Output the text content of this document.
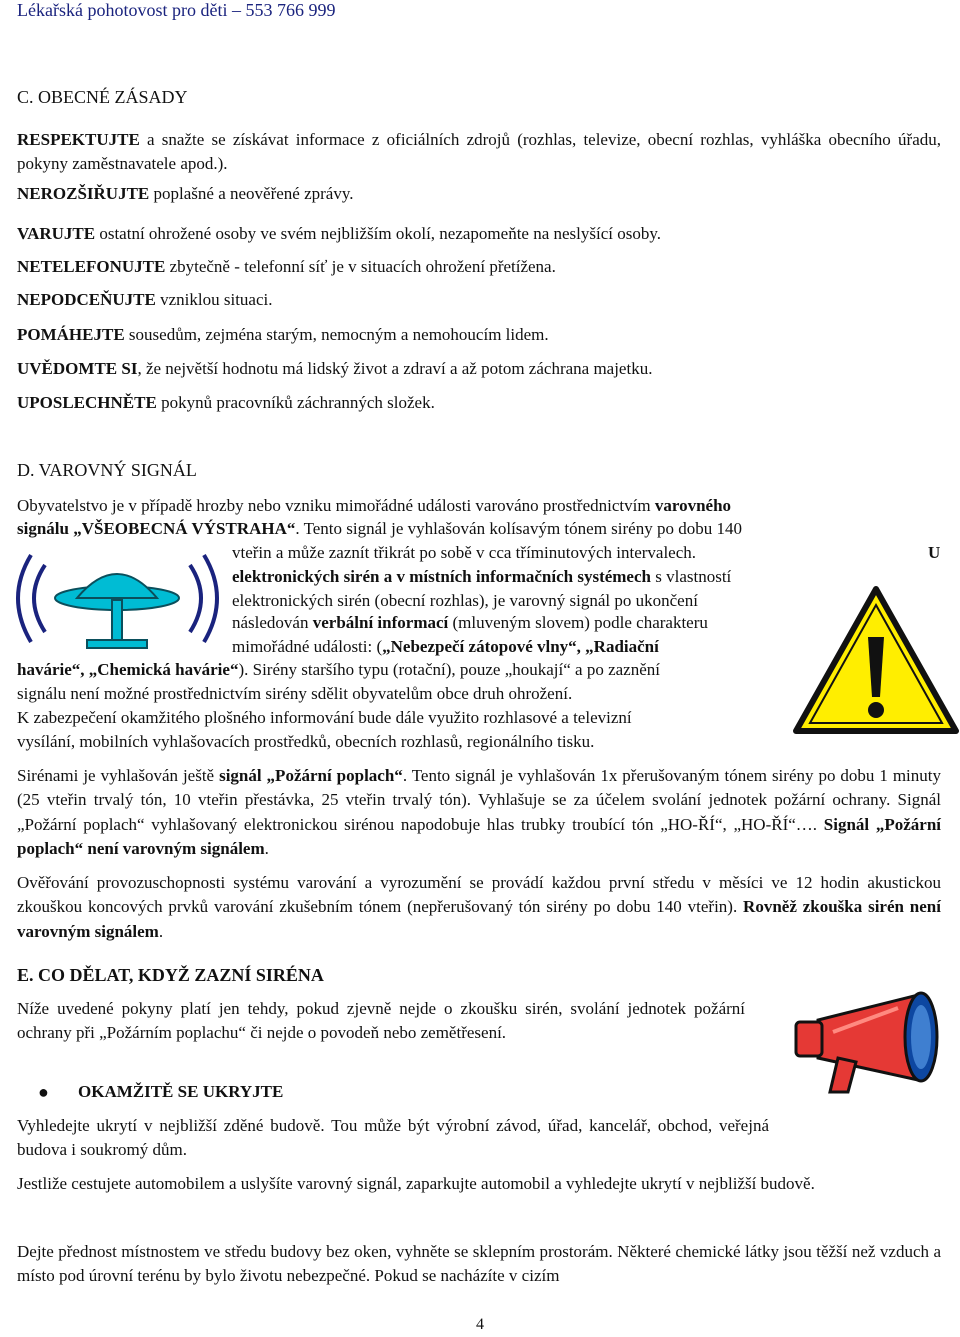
Lékařská pohotovost pro děti – 553 766 999
C. OBECNÉ ZÁSADY
RESPEKTUJTE a snažte se získávat informace z oficiálních zdrojů (rozhlas, televize, obecní rozhlas, vyhláška obecního úřadu, pokyny zaměstnavatele apod.).
NEROZŠIŘUJTE poplašné a neověřené zprávy.
VARUJTE ostatní ohrožené osoby ve svém nejbližším okolí, nezapomeňte na neslyšící osoby.
NETELEFONUJTE zbytečně - telefonní síť je v situacích ohrožení přetížena.
NEPODCEŇUJTE vzniklou situaci.
POMÁHEJTE sousedům, zejména starým, nemocným a nemohoucím lidem.
UVĚDOMTE SI, že největší hodnotu má lidský život a zdraví a až potom záchrana majetku.
UPOSLECHNĚTE pokynů pracovníků záchranných složek.
D. VAROVNÝ SIGNÁL
Obyvatelstvo je v případě hrozby nebo vzniku mimořádné události varováno prostřednictvím varovného
signálu „VŠEOBECNÁ VÝSTRAHA“. Tento signál je vyhlašován kolísavým tónem sirény po dobu 140
vteřin a může zaznít třikrát po sobě v cca tříminutových intervalech.	U
elektronických sirén a v místních informačních systémech s vlastností
elektronických sirén (obecní rozhlas), je varovný signál po ukončení
následován verbální informací (mluveným slovem) podle charakteru
mimořádné události: („Nebezpečí zátopové vlny“, „Radiační
havárie“, „Chemická havárie“). Sirény staršího typu (rotační), pouze „houkají“ a po zaznění
signálu není možné prostřednictvím sirény sdělit obyvatelům obce druh ohrožení.
K zabezpečení okamžitého plošného informování bude dále využito rozhlasové a televizní
vysílání, mobilních vyhlašovacích prostředků, obecních rozhlasů, regionálního tisku.
Sirénami je vyhlašován ještě signál „Požární poplach“. Tento signál je vyhlašován 1x přerušovaným tónem sirény po dobu 1 minuty (25 vteřin trvalý tón, 10 vteřin přestávka, 25 vteřin trvalý tón). Vyhlašuje se za účelem svolání jednotek požární ochrany. Signál „Požární poplach“ vyhlašovaný elektronickou sirénou napodobuje hlas trubky troubící tón „HO-ŘÍ“, „HO-ŘÍ“…. Signál „Požární poplach“ není varovným signálem.
Ověřování provozuschopnosti systému varování a vyrozumění se provádí každou první středu v měsíci ve 12 hodin akustickou zkouškou koncových prvků varování zkušebním tónem (nepřerušovaný tón sirény po dobu 140 vteřin). Rovněž zkouška sirén není varovným signálem.
E. CO DĚLAT, KDYŽ ZAZNÍ SIRÉNA
Níže uvedené pokyny platí jen tehdy, pokud zjevně nejde o zkoušku sirén, svolání jednotek požární ochrany při „Požárním poplachu“ či nejde o povodeň nebo zemětřesení.
● OKAMŽITĚ SE UKRYJTE
Vyhledejte ukrytí v nejbližší zděné budově. Tou může být výrobní závod, úřad, kancelář, obchod, veřejná budova i soukromý dům.
Jestliže cestujete automobilem a uslyšíte varovný signál, zaparkujte automobil a vyhledejte ukrytí v nejbližší budově.
Dejte přednost místnostem ve středu budovy bez oken, vyhněte se sklepním prostorám. Některé chemické látky jsou těžší než vzduch a místo pod úrovní terénu by bylo životu nebezpečné. Pokud se nacházíte v cizím
4
